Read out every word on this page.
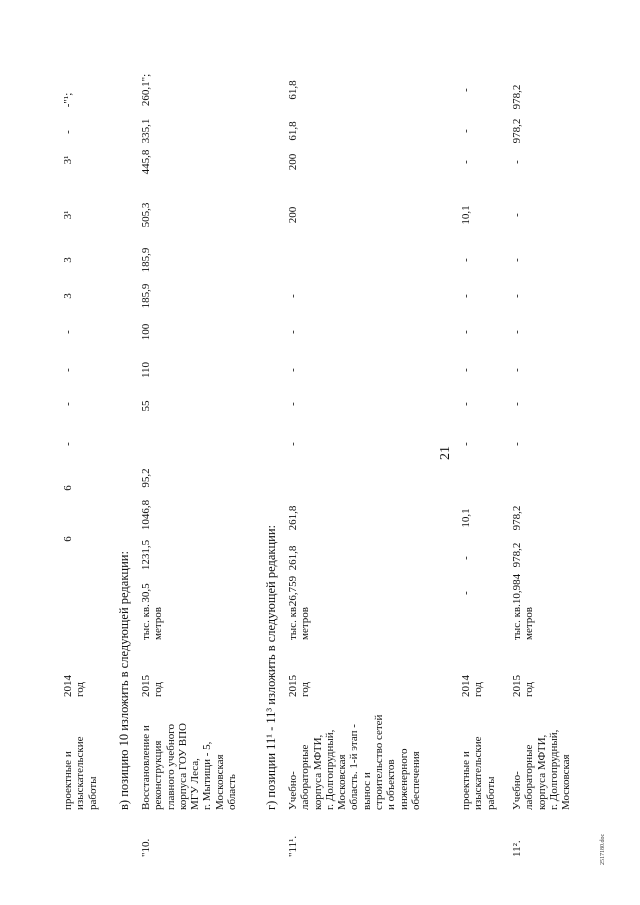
21
проектные и
изыскательские
работы
2014
год
6
6
-
-
-
-
3
3
3¹
3¹
-
-"¹;
в) позицию 10 изложить в следующей редакции:
"10.
Восстановление и
реконструкция
главного учебного
корпуса ГОУ ВПО
МГУ Леса,
г. Мытищи - 5,
Московская
область
2015
год
тыс. кв.
метров
30,5
1231,5
1046,8
95,2
55
110
100
185,9
185,9
505,3
445,8
335,1
260,1";
г) позиции 11¹ - 11³ изложить в следующей редакции:
"11¹.
Учебно-
лабораторные
корпуса МФТИ,
г. Долгопрудный,
Московская
область. 1-й этап -
вынос и
строительство сетей
и объектов
инженерного
обеспечения
2015
год
тыс. кв.
метров
26,759
261,8
261,8
-
-
-
-
-
200
200
61,8
61,8
проектные и
изыскательские
работы
2014
год
-
-
10,1
-
-
-
-
-
-
10,1
-
-
-
11².
Учебно-
лабораторные
корпуса МФТИ,
г. Долгопрудный,
Московская
2015
год
тыс. кв.
метров
10,984
978,2
978,2
-
-
-
-
-
-
-
-
978,2
978,2
2517180.doc
